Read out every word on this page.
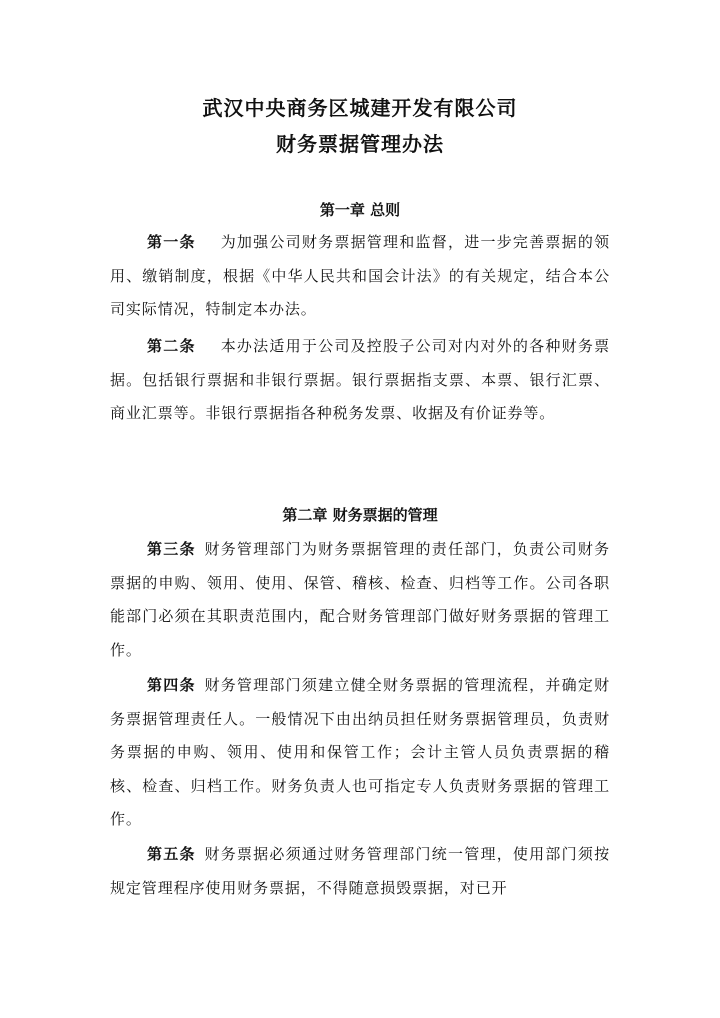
武汉中央商务区城建开发有限公司
财务票据管理办法
第一章 总则

第一条　  为加强公司财务票据管理和监督，进一步完善票据的领用、缴销制度，根据《中华人民共和国会计法》的有关规定，结合本公司实际情况，特制定本办法。

第二条　  本办法适用于公司及控股子公司对内对外的各种财务票据。包括银行票据和非银行票据。银行票据指支票、本票、银行汇票、商业汇票等。非银行票据指各种税务发票、收据及有价证券等。

第二章 财务票据的管理

第三条  财务管理部门为财务票据管理的责任部门，负责公司财务票据的申购、领用、使用、保管、稽核、检查、归档等工作。公司各职能部门必须在其职责范围内，配合财务管理部门做好财务票据的管理工作。

第四条  财务管理部门须建立健全财务票据的管理流程，并确定财务票据管理责任人。一般情况下由出纳员担任财务票据管理员，负责财务票据的申购、领用、使用和保管工作；会计主管人员负责票据的稽核、检查、归档工作。财务负责人也可指定专人负责财务票据的管理工作。

第五条  财务票据必须通过财务管理部门统一管理，使用部门须按规定管理程序使用财务票据，不得随意损毁票据，对已开
